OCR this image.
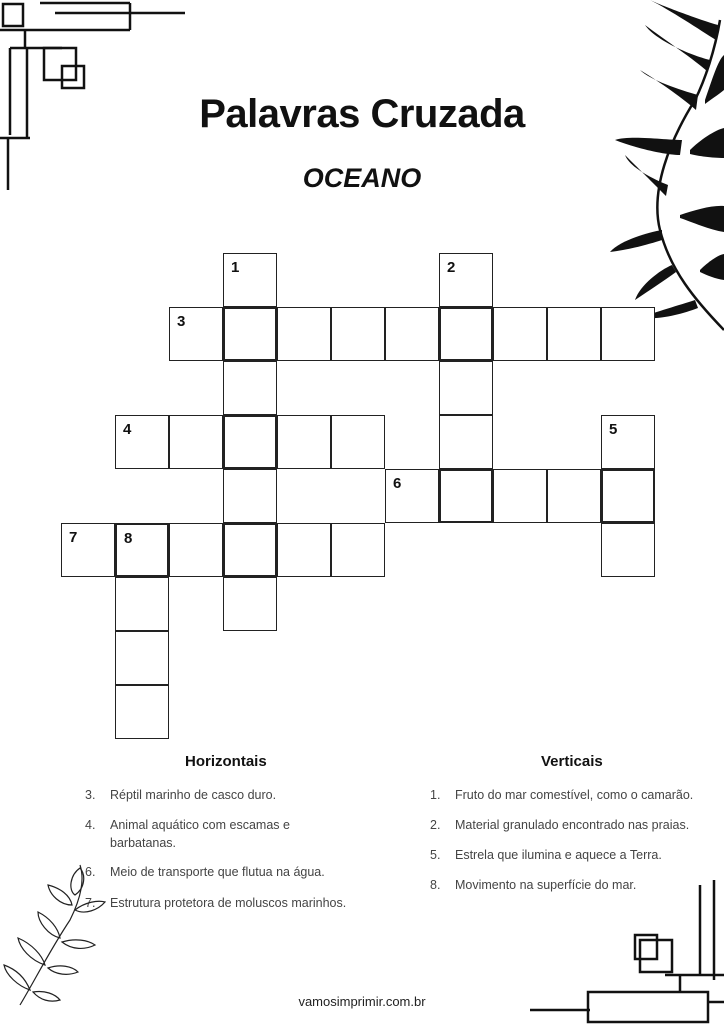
Palavras Cruzada
OCEANO
1
3
2
4	5
6
7	8
Horizontais	Verticais
3. Réptil marinho de casco duro.
4. Animal aquático com escamas e
barbatanas.
6. Meio de transporte que flutua na água.
7. Estrutura protetora de moluscos marinhos.
1. Fruto do mar comestível, como o camarão.
2. Material granulado encontrado nas praias.
5. Estrela que ilumina e aquece a Terra.
8. Movimento na superfície do mar.
vamosimprimir.com.br
